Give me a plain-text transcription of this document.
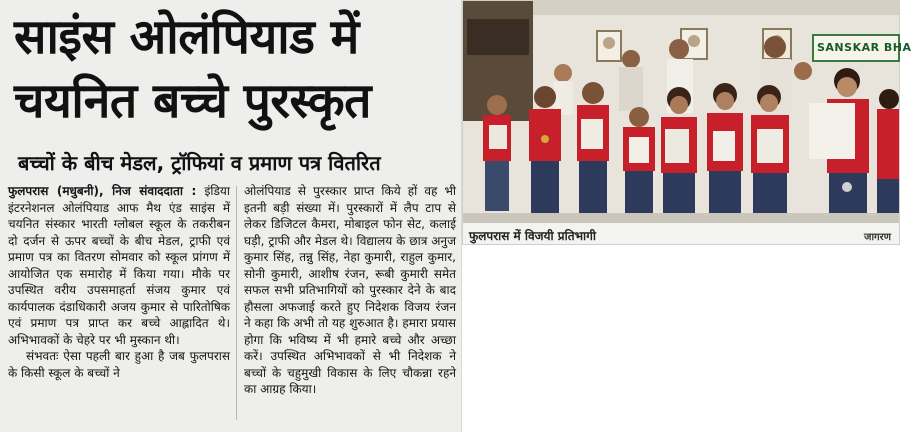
साइंस ओलंपियाड में
चयनित बच्चे पुरस्कृत
बच्चों के बीच मेडल, ट्रॉफियां व प्रमाण पत्र वितरित

फुलपरास (मधुबनी), निज संवाददाता : इंडिया इंटरनेशनल ओलंपियाड आफ मैथ एंड साइंस में चयनित संस्कार भारती ग्लोबल स्कूल के तकरीबन दो दर्जन से ऊपर बच्चों के बीच मेडल, ट्राफी एवं प्रमाण पत्र का वितरण सोमवार को स्कूल प्रांगण में आयोजित एक समारोह में किया गया। मौके पर उपस्थित वरीय उपसमाहर्ता संजय कुमार एवं कार्यपालक दंडाधिकारी अजय कुमार से पारितोषिक एवं प्रमाण पत्र प्राप्त कर बच्चे आह्लादित थे। अभिभावकों के चेहरे पर भी मुस्कान थी।

संभवतः ऐसा पहली बार हुआ है जब फुलपरास के किसी स्कूल के बच्चों ने

ओलंपियाड से पुरस्कार प्राप्त किये हों वह भी इतनी बड़ी संख्या में। पुरस्कारों में लैप टाप से लेकर डिजिटल कैमरा, मोबाइल फोन सेट, कलाई घड़ी, ट्राफी और मेडल थे। विद्यालय के छात्र अनुज कुमार सिंह, तन्नु सिंह, नेहा कुमारी, राहुल कुमार, सोनी कुमारी, आशीष रंजन, रूबी कुमारी समेत सफल सभी प्रतिभागियों को पुरस्कार देने के बाद हौसला अफजाई करते हुए निदेशक विजय रंजन ने कहा कि अभी तो यह शुरुआत है। हमारा प्रयास होगा कि भविष्य में भी हमारे बच्चे और अच्छा करें। उपस्थित अभिभावकों से भी निदेशक ने बच्चों के चहुमुखी विकास के लिए चौकन्ना रहने का आग्रह किया।

SANSKAR BHA
फुलपरास में विजयी प्रतिभागी	जागरण
